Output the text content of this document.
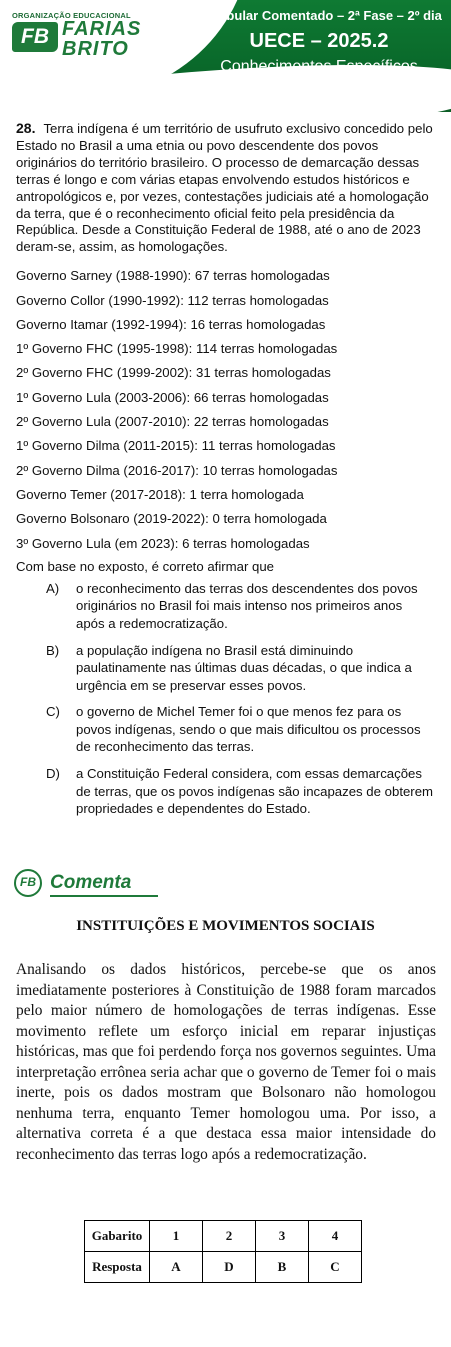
ORGANIZAÇÃO EDUCACIONAL
FB FARIAS
BRITO
Vestibular Comentado – 2ª Fase – 2º dia
UECE – 2025.2
Conhecimentos Específicos
Sociologia
28. Terra indígena é um território de usufruto exclusivo concedido pelo Estado no Brasil a uma etnia ou povo descendente dos povos originários do território brasileiro. O processo de demarcação dessas terras é longo e com várias etapas envolvendo estudos históricos e antropológicos e, por vezes, contestações judiciais até a homologação da terra, que é o reconhecimento oficial feito pela presidência da República. Desde a Constituição Federal de 1988, até o ano de 2023 deram-se, assim, as homologações.
Governo Sarney (1988-1990): 67 terras homologadas
Governo Collor (1990-1992): 112 terras homologadas
Governo Itamar (1992-1994): 16 terras homologadas
1º Governo FHC (1995-1998): 114 terras homologadas
2º Governo FHC (1999-2002): 31 terras homologadas
1º Governo Lula (2003-2006): 66 terras homologadas
2º Governo Lula (2007-2010): 22 terras homologadas
1º Governo Dilma (2011-2015): 11 terras homologadas
2º Governo Dilma (2016-2017): 10 terras homologadas
Governo Temer (2017-2018): 1 terra homologada
Governo Bolsonaro (2019-2022): 0 terra homologada
3º Governo Lula (em 2023): 6 terras homologadas
Com base no exposto, é correto afirmar que
A) o reconhecimento das terras dos descendentes dos povos originários no Brasil foi mais intenso nos primeiros anos após a redemocratização.
B) a população indígena no Brasil está diminuindo paulatinamente nas últimas duas décadas, o que indica a urgência em se preservar esses povos.
C) o governo de Michel Temer foi o que menos fez para os povos indígenas, sendo o que mais dificultou os processos de reconhecimento das terras.
D) a Constituição Federal considera, com essas demarcações de terras, que os povos indígenas são incapazes de obterem propriedades e dependentes do Estado.
FB Comenta
INSTITUIÇÕES E MOVIMENTOS SOCIAIS
Analisando os dados históricos, percebe-se que os anos imediatamente posteriores à Constituição de 1988 foram marcados pelo maior número de homologações de terras indígenas. Esse movimento reflete um esforço inicial em reparar injustiças históricas, mas que foi perdendo força nos governos seguintes. Uma interpretação errônea seria achar que o governo de Temer foi o mais inerte, pois os dados mostram que Bolsonaro não homologou nenhuma terra, enquanto Temer homologou uma. Por isso, a alternativa correta é a que destaca essa maior intensidade do reconhecimento das terras logo após a redemocratização.
Gabarito	1	2	3	4
Resposta	A	D	B	C
